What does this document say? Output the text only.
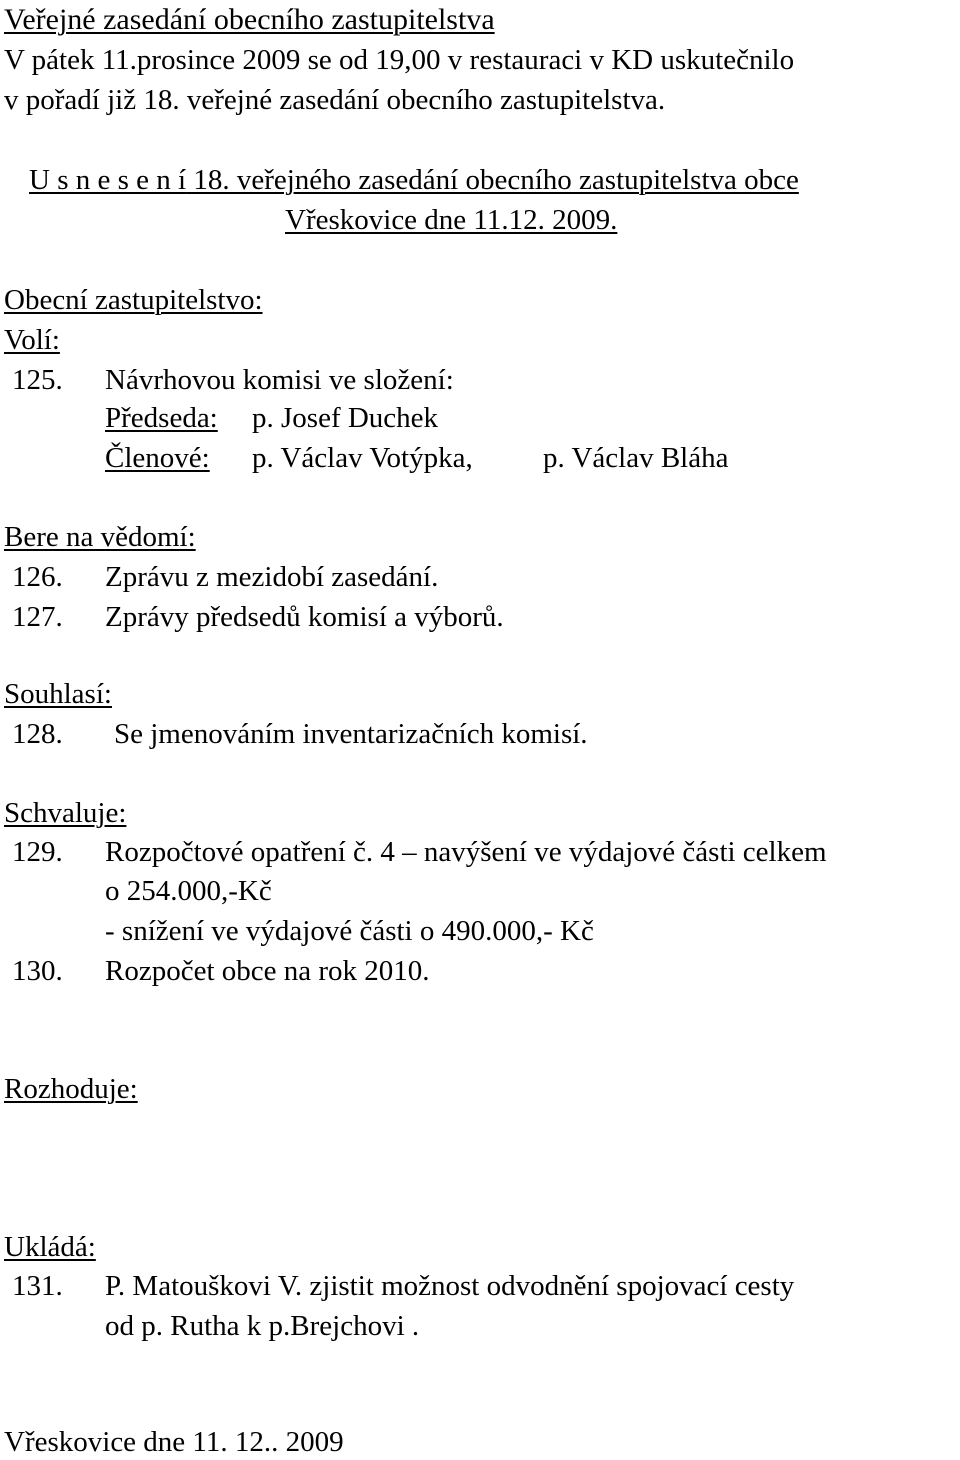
Veřejné zasedání obecního zastupitelstva

V pátek 11.prosince 2009 se od 19,00 v restauraci v KD uskutečnilo

v pořadí již 18. veřejné zasedání obecního zastupitelstva.

U s n e s e n í 18. veřejného zasedání obecního zastupitelstva obce

Vřeskovice dne 11.12. 2009.

Obecní zastupitelstvo:

Volí:

125. Návrhovou komisi ve složení:

Předseda: p. Josef Duchek

Členové: p. Václav Votýpka, p. Václav Bláha

Bere na vědomí:

126. Zprávu z mezidobí zasedání.

127. Zprávy předsedů komisí a výborů.

Souhlasí:

128. Se jmenováním inventarizačních komisí.

Schvaluje:

129. Rozpočtové opatření č. 4 – navýšení ve výdajové části celkem

o 254.000,-Kč

- snížení ve výdajové části o 490.000,- Kč

130. Rozpočet obce na rok 2010.

Rozhoduje:

Ukládá:

131. P. Matouškovi V. zjistit možnost odvodnění spojovací cesty

od p. Rutha k p.Brejchovi .

Vřeskovice dne 11. 12.. 2009
